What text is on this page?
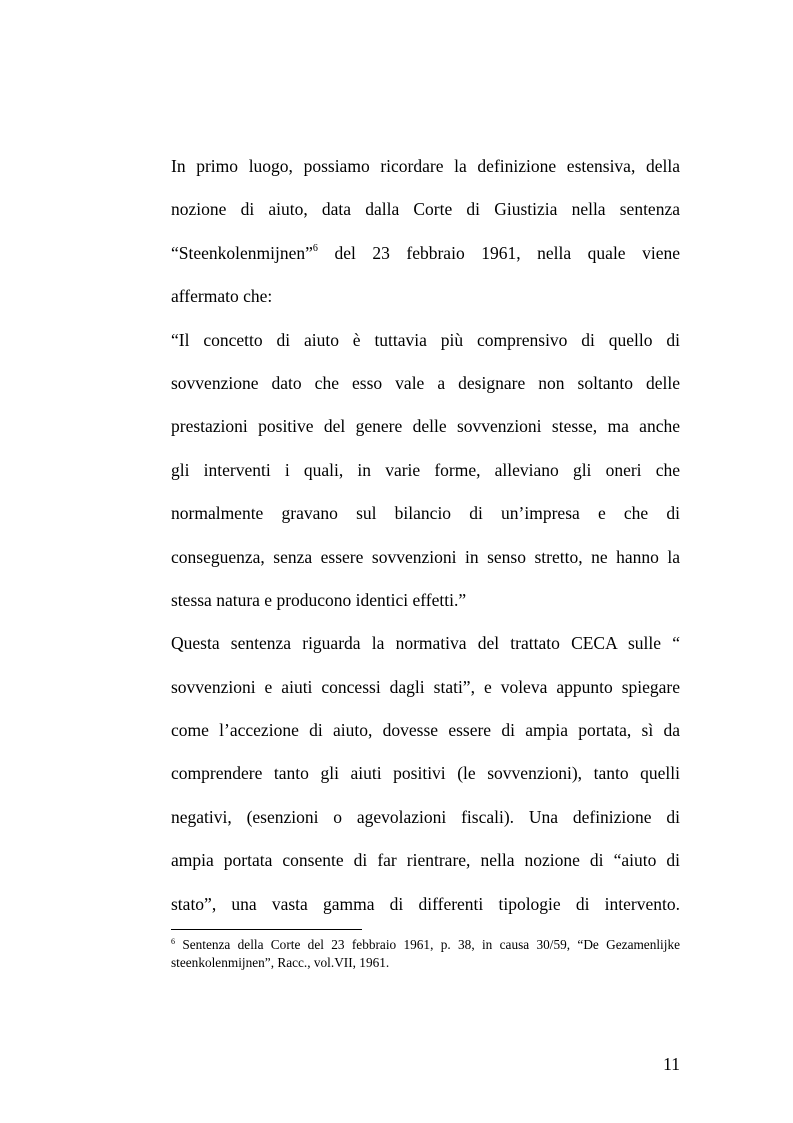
In primo luogo, possiamo ricordare la definizione estensiva, della
nozione di aiuto, data dalla Corte di Giustizia nella sentenza
“Steenkolenmijnen”$^6$ del 23 febbraio 1961, nella quale viene
affermato che:
“Il concetto di aiuto è tuttavia più comprensivo di quello di
sovvenzione dato che esso vale a designare non soltanto delle
prestazioni positive del genere delle sovvenzioni stesse, ma anche
gli interventi i quali, in varie forme, alleviano gli oneri che
normalmente gravano sul bilancio di un’impresa e che di
conseguenza, senza essere sovvenzioni in senso stretto, ne hanno la
stessa natura e producono identici effetti.”
Questa sentenza riguarda la normativa del trattato CECA sulle “
sovvenzioni e aiuti concessi dagli stati”, e voleva appunto spiegare
come l’accezione di aiuto, dovesse essere di ampia portata, sì da
comprendere tanto gli aiuti positivi (le sovvenzioni), tanto quelli
negativi, (esenzioni o agevolazioni fiscali). Una definizione di
ampia portata consente di far rientrare, nella nozione di “aiuto di
stato”, una vasta gamma di differenti tipologie di intervento.
$^6$ Sentenza della Corte del 23 febbraio 1961, p. 38, in causa 30/59, “De Gezamenlijke
steenkolenmijnen”, Racc., vol.VII, 1961.
11
